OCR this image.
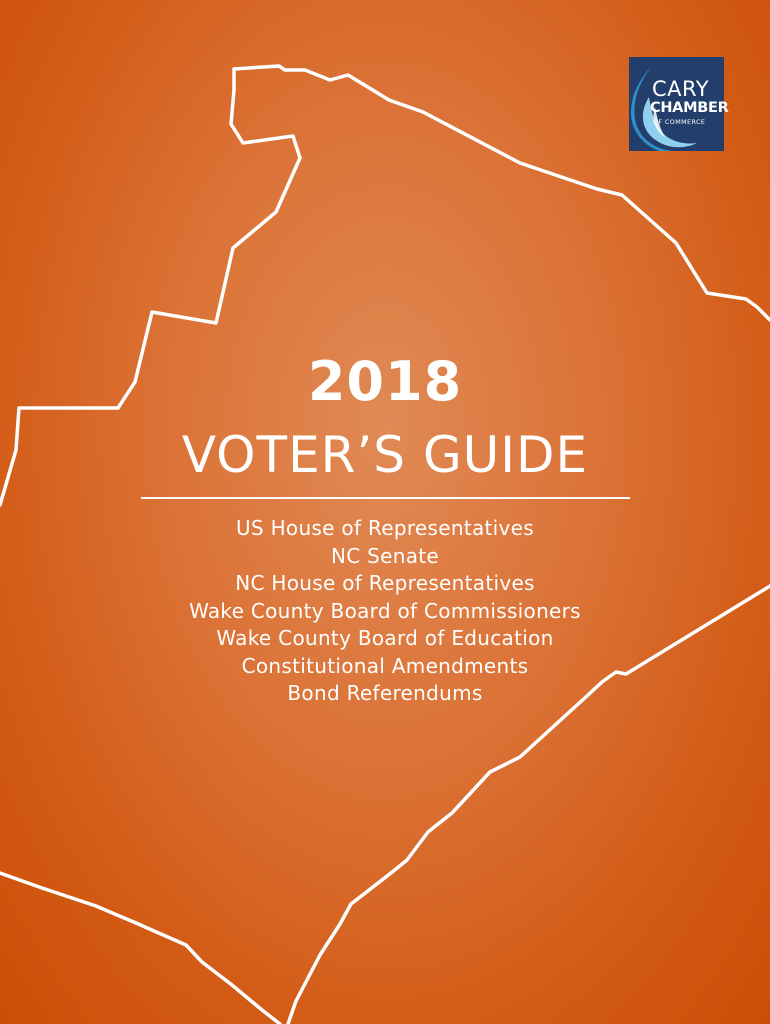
CARY
CHAMBER
OF COMMERCE
2018
VOTER’S GUIDE
US House of Representatives
NC Senate
NC House of Representatives
Wake County Board of Commissioners
Wake County Board of Education
Constitutional Amendments
Bond Referendums
